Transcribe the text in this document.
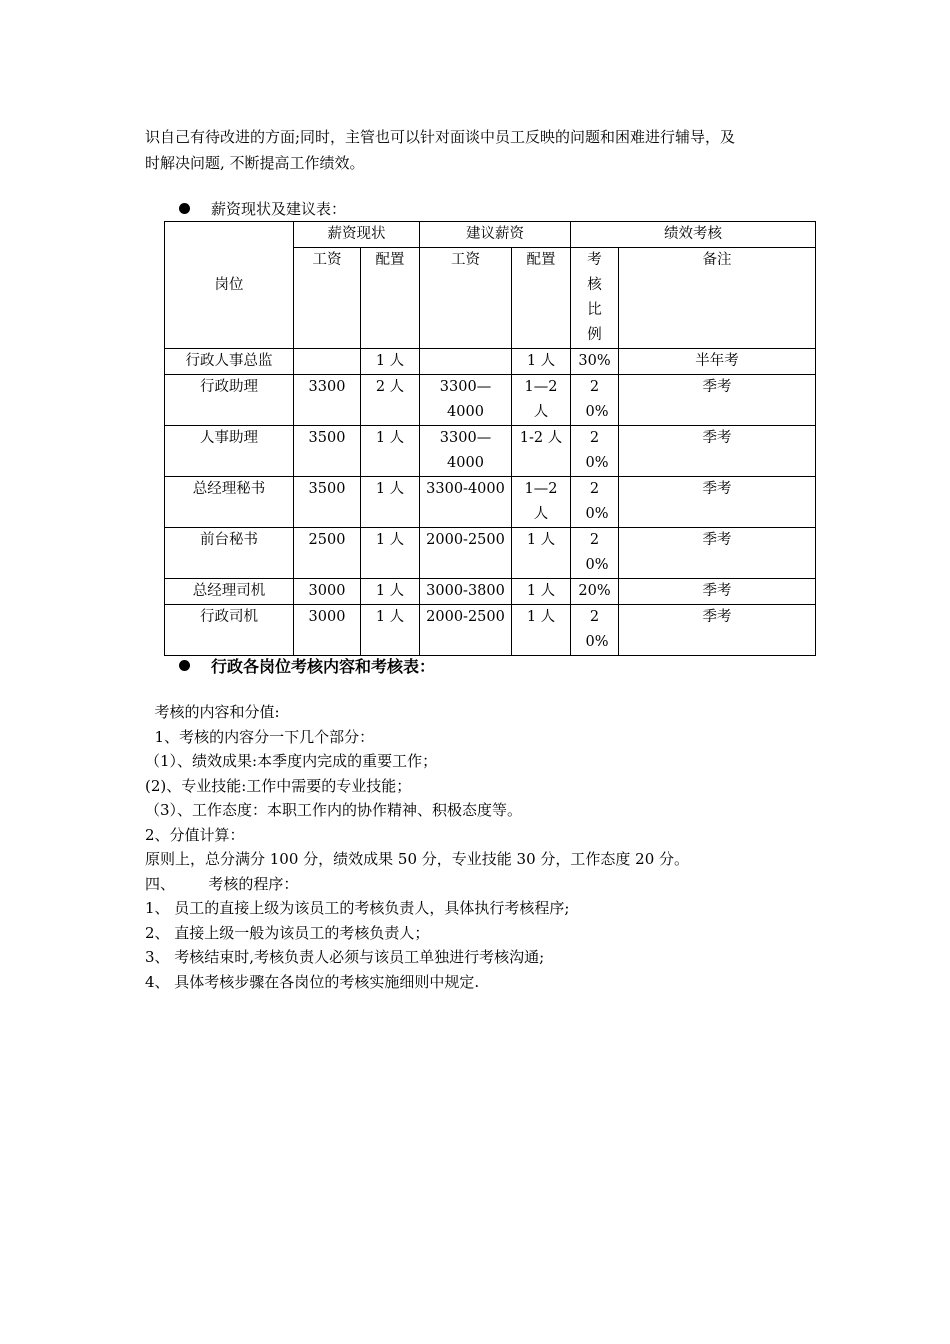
识自己有待改进的方面;同时，主管也可以针对面谈中员工反映的问题和困难进行辅导，及

时解决问题, 不断提高工作绩效。

薪资现状及建议表：
岗位	薪资现状		建议薪资		绩效考核	
	工资	配置	工资	配置	考核比例	备注
行政人事总监		1 人		1 人	30%	半年考
行政助理	3300	2 人	3300—4000	1—2人	20%	季考
人事助理	3500	1 人	3300—4000	1-2 人	20%	季考
总经理秘书	3500	1 人	3300-4000	1—2人	20%	季考
前台秘书	2500	1 人	2000-2500	1 人	20%	季考
总经理司机	3000	1 人	3000-3800	1 人	20%	季考
行政司机	3000	1 人	2000-2500	1 人	20%	季考
行政各岗位考核内容和考核表：
考核的内容和分值:
1、考核的内容分一下几个部分：
（1）、绩效成果:本季度内完成的重要工作；
(2)、专业技能:工作中需要的专业技能；
（3）、工作态度：本职工作内的协作精神、积极态度等。
2、分值计算：
原则上，总分满分 100 分，绩效成果 50 分，专业技能 30 分，工作态度 20 分。
四、       考核的程序：
1、 员工的直接上级为该员工的考核负责人，具体执行考核程序;
2、 直接上级一般为该员工的考核负责人；
3、 考核结束时,考核负责人必须与该员工单独进行考核沟通;
4、 具体考核步骤在各岗位的考核实施细则中规定.
